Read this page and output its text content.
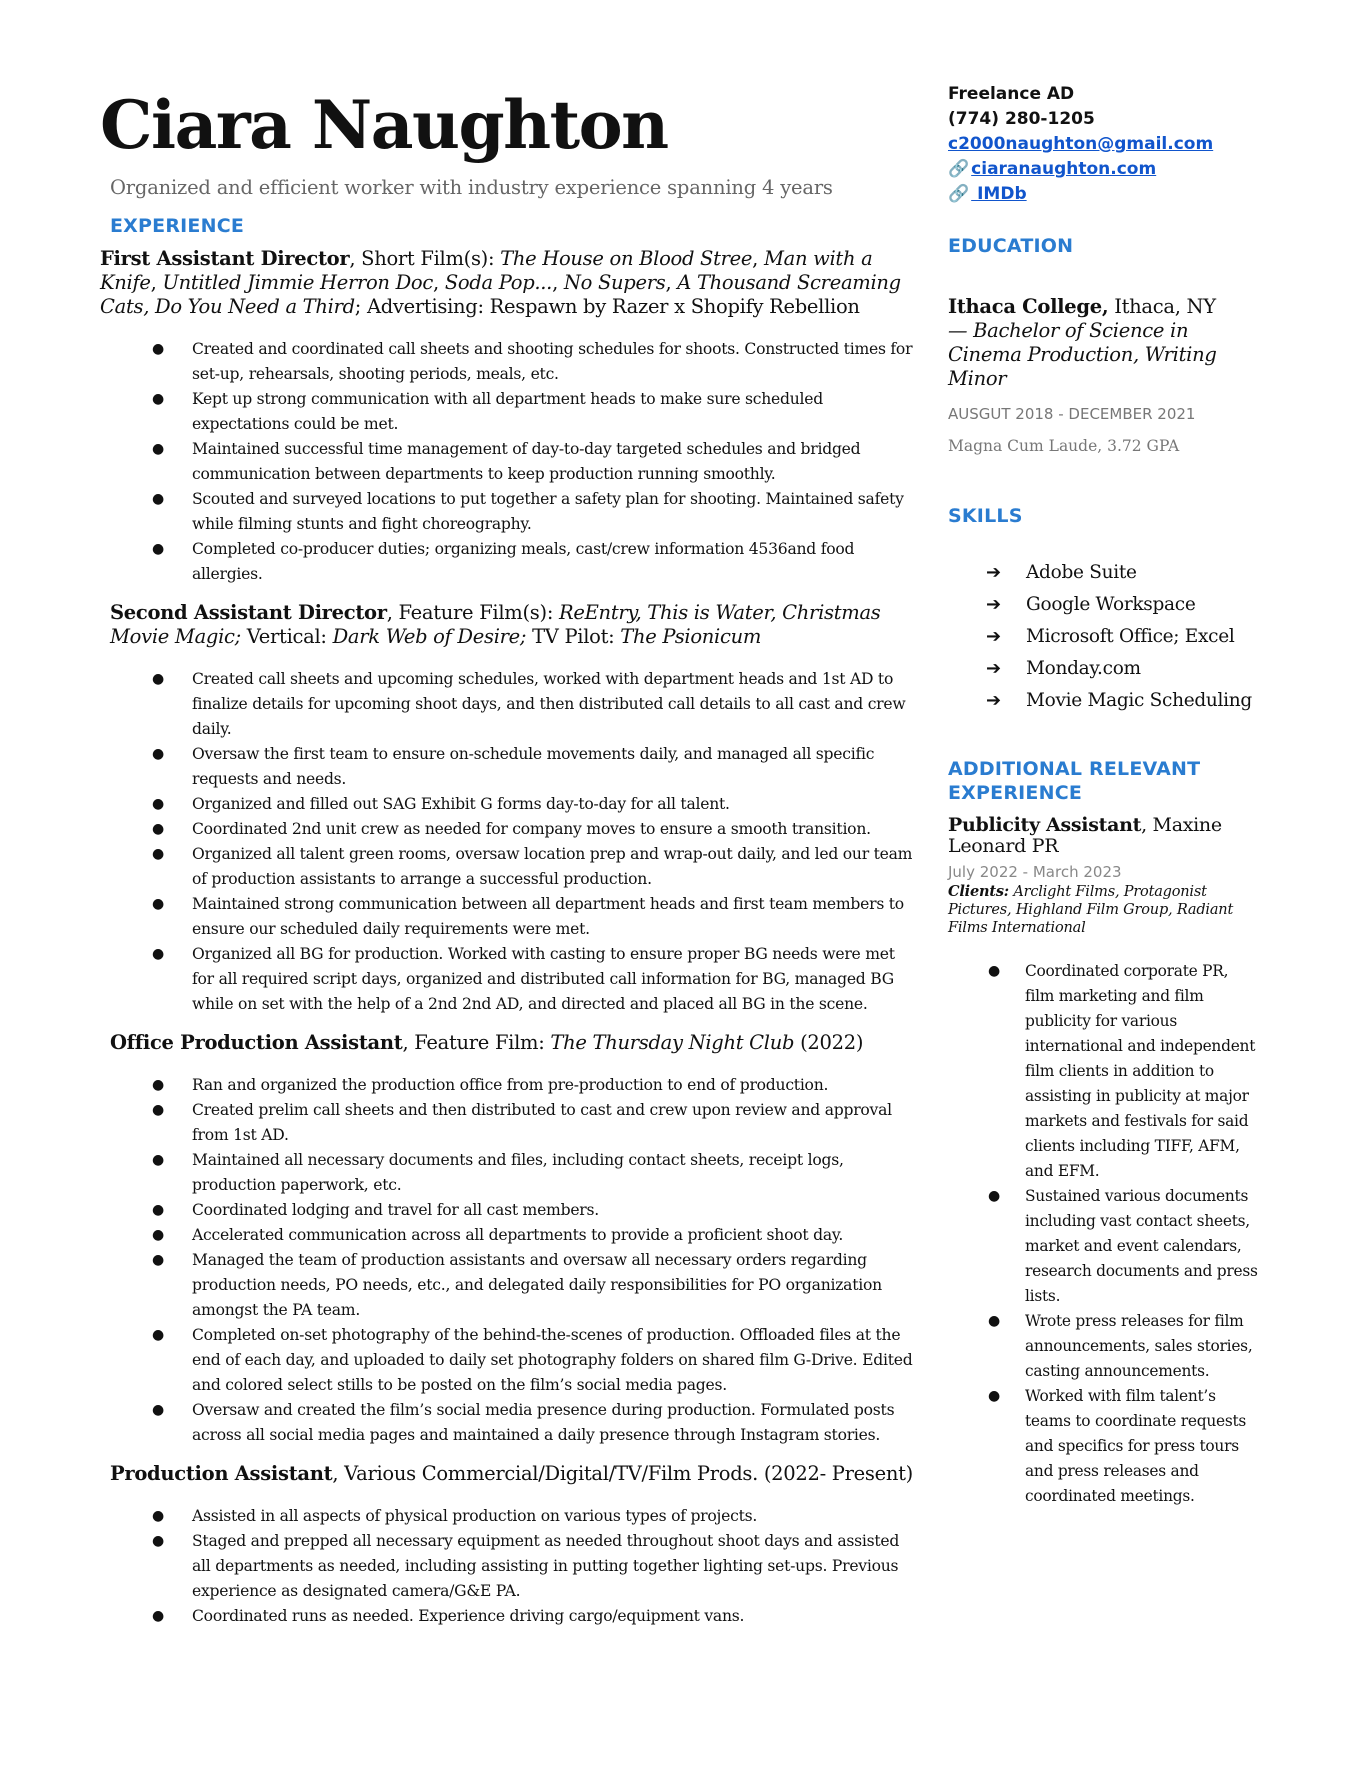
Ciara Naughton
Organized and efficient worker with industry experience spanning 4 years
EXPERIENCE
First Assistant Director, Short Film(s): The House on Blood Stree, Man with a Knife, Untitled Jimmie Herron Doc, Soda Pop..., No Supers, A Thousand Screaming Cats, Do You Need a Third; Advertising: Respawn by Razer x Shopify Rebellion
● Created and coordinated call sheets and shooting schedules for shoots. Constructed times for set-up, rehearsals, shooting periods, meals, etc.
● Kept up strong communication with all department heads to make sure scheduled expectations could be met.
● Maintained successful time management of day-to-day targeted schedules and bridged communication between departments to keep production running smoothly.
● Scouted and surveyed locations to put together a safety plan for shooting. Maintained safety while filming stunts and fight choreography.
● Completed co-producer duties; organizing meals, cast/crew information 4536and food allergies.
Second Assistant Director, Feature Film(s): ReEntry, This is Water, Christmas Movie Magic; Vertical: Dark Web of Desire; TV Pilot: The Psionicum
● Created call sheets and upcoming schedules, worked with department heads and 1st AD to finalize details for upcoming shoot days, and then distributed call details to all cast and crew daily.
● Oversaw the first team to ensure on-schedule movements daily, and managed all specific requests and needs.
● Organized and filled out SAG Exhibit G forms day-to-day for all talent.
● Coordinated 2nd unit crew as needed for company moves to ensure a smooth transition.
● Organized all talent green rooms, oversaw location prep and wrap-out daily, and led our team of production assistants to arrange a successful production.
● Maintained strong communication between all department heads and first team members to ensure our scheduled daily requirements were met.
● Organized all BG for production. Worked with casting to ensure proper BG needs were met for all required script days, organized and distributed call information for BG, managed BG while on set with the help of a 2nd 2nd AD, and directed and placed all BG in the scene.
Office Production Assistant, Feature Film: The Thursday Night Club (2022)
● Ran and organized the production office from pre-production to end of production.
● Created prelim call sheets and then distributed to cast and crew upon review and approval from 1st AD.
● Maintained all necessary documents and files, including contact sheets, receipt logs, production paperwork, etc.
● Coordinated lodging and travel for all cast members.
● Accelerated communication across all departments to provide a proficient shoot day.
● Managed the team of production assistants and oversaw all necessary orders regarding production needs, PO needs, etc., and delegated daily responsibilities for PO organization amongst the PA team.
● Completed on-set photography of the behind-the-scenes of production. Offloaded files at the end of each day, and uploaded to daily set photography folders on shared film G-Drive. Edited and colored select stills to be posted on the film’s social media pages.
● Oversaw and created the film’s social media presence during production. Formulated posts across all social media pages and maintained a daily presence through Instagram stories.
Production Assistant, Various Commercial/Digital/TV/Film Prods. (2022- Present)
● Assisted in all aspects of physical production on various types of projects.
● Staged and prepped all necessary equipment as needed throughout shoot days and assisted all departments as needed, including assisting in putting together lighting set-ups. Previous experience as designated camera/G&E PA.
● Coordinated runs as needed. Experience driving cargo/equipment vans.
Freelance AD
(774) 280-1205
c2000naughton@gmail.com
🔗 ciaranaughton.com
🔗 IMDb
EDUCATION
Ithaca College, Ithaca, NY
— Bachelor of Science in Cinema Production, Writing Minor
AUSGUT 2018 - DECEMBER 2021
Magna Cum Laude, 3.72 GPA
SKILLS
➔ Adobe Suite
➔ Google Workspace
➔ Microsoft Office; Excel
➔ Monday.com
➔ Movie Magic Scheduling
ADDITIONAL RELEVANT EXPERIENCE
Publicity Assistant, Maxine Leonard PR
July 2022 - March 2023
Clients: Arclight Films, Protagonist Pictures, Highland Film Group, Radiant Films International
● Coordinated corporate PR, film marketing and film publicity for various international and independent film clients in addition to assisting in publicity at major markets and festivals for said clients including TIFF, AFM, and EFM.
● Sustained various documents including vast contact sheets, market and event calendars, research documents and press lists.
● Wrote press releases for film announcements, sales stories, casting announcements.
● Worked with film talent’s teams to coordinate requests and specifics for press tours and press releases and coordinated meetings.
